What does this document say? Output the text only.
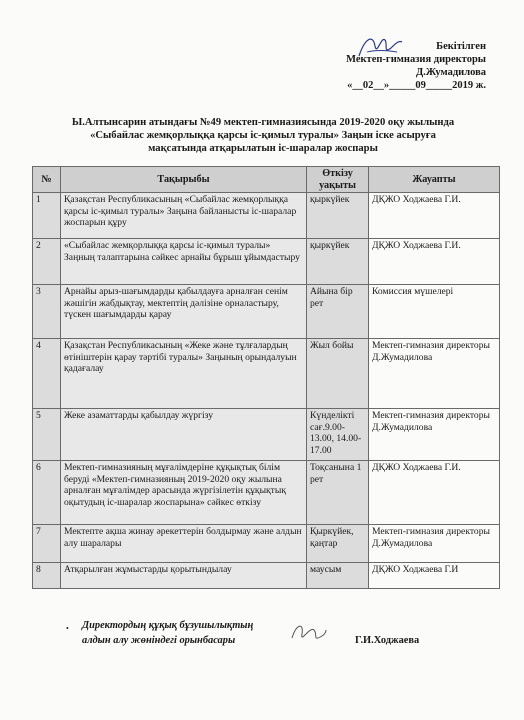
Бекітілген
Мектеп-гимназия директоры
Д.Жумадилова
«__02__»_____09_____2019 ж.
Ы.Алтынсарин атындағы №49 мектеп-гимназиясында 2019-2020 оқу жылында
«Сыбайлас жемқорлыққа қарсы іс-қимыл туралы» Заңын іске асыруға
мақсатында атқарылатын іс-шаралар жоспары
№	Тақырыбы	Өткізу уақыты	Жауапты
1	Қазақстан Республикасының «Сыбайлас жемқорлыққа қарсы іс-қимыл туралы» Заңына байланысты іс-шаралар жоспарын құру	қыркүйек	ДҚЖО Ходжаева Г.И.
2	«Сыбайлас жемқорлыққа қарсы іс-қимыл туралы» Заңның талаптарына сәйкес арнайы бұрыш ұйымдастыру	қыркүйек	ДҚЖО Ходжаева Г.И.
3	Арнайы арыз-шағымдарды қабылдауға арналған сенім жәшігін жабдықтау, мектептің дәлізіне орналастыру, түскен шағымдарды қарау	Айына бір рет	Комиссия мүшелері
4	Қазақстан Республикасының «Жеке және тұлғалардың өтініштерін қарау тәртібі туралы» Заңының орындалуын қадағалау	Жыл бойы	Мектеп-гимназия директоры Д.Жумадилова
5	Жеке азаматтарды қабылдау жүргізу	Күнделікті сағ.9.00-13.00, 14.00-17.00	Мектеп-гимназия директоры Д.Жумадилова
6	Мектеп-гимназияның мұғалімдеріне құқықтық білім беруді «Мектеп-гимназияның 2019-2020 оқу жылына арналған мұғалімдер арасында жүргізілетін құқықтық оқытудың іс-шаралар жоспарына» сәйкес өткізу	Тоқсанына 1 рет	ДҚЖО Ходжаева Г.И.
7	Мектепте ақша жинау әрекеттерін болдырмау және алдын алу шаралары	Қыркүйек, қаңтар	Мектеп-гимназия директоры Д.Жумадилова
8	Атқарылған жұмыстарды қорытындылау	маусым	ДҚЖО Ходжаева Г.И
• Директордың құқық бұзушылықтың
алдын алу жөніндегі орынбасары	Г.И.Ходжаева
